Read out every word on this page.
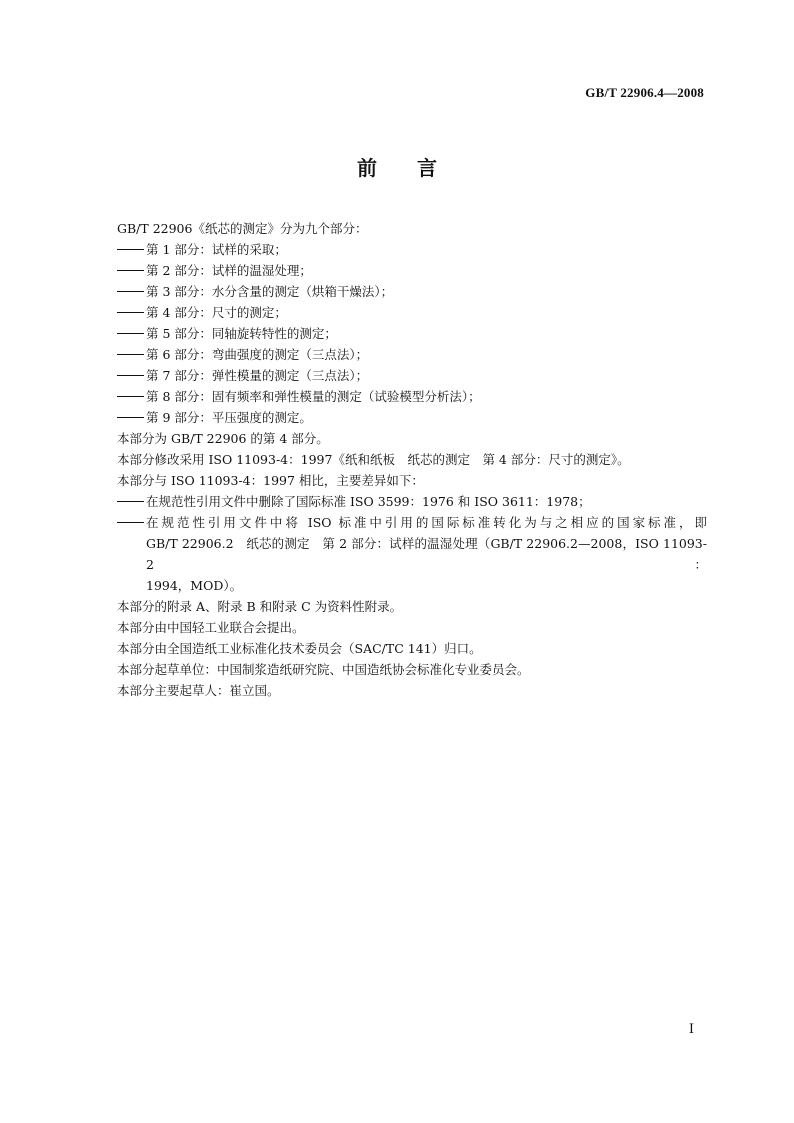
GB/T 22906.4—2008
前言

GB/T 22906《纸芯的测定》分为九个部分：

第 1 部分：试样的采取；

第 2 部分：试样的温湿处理；

第 3 部分：水分含量的测定（烘箱干燥法）；

第 4 部分：尺寸的测定；

第 5 部分：同轴旋转特性的测定；

第 6 部分：弯曲强度的测定（三点法）；

第 7 部分：弹性模量的测定（三点法）；

第 8 部分：固有频率和弹性模量的测定（试验模型分析法）；

第 9 部分：平压强度的测定。

本部分为 GB/T 22906 的第 4 部分。

本部分修改采用 ISO 11093-4：1997《纸和纸板　纸芯的测定　第 4 部分：尺寸的测定》。

本部分与 ISO 11093-4：1997 相比，主要差异如下：

在规范性引用文件中删除了国际标准 ISO 3599：1976 和 ISO 3611：1978；

在规范性引用文件中将 ISO 标准中引用的国际标准转化为与之相应的国家标准，即
GB/T 22906.2　纸芯的测定　第 2 部分：试样的温湿处理（GB/T 22906.2—2008，ISO 11093-2：
1994，MOD）。

本部分的附录 A、附录 B 和附录 C 为资料性附录。

本部分由中国轻工业联合会提出。

本部分由全国造纸工业标准化技术委员会（SAC/TC 141）归口。

本部分起草单位：中国制浆造纸研究院、中国造纸协会标准化专业委员会。

本部分主要起草人：崔立国。

I
